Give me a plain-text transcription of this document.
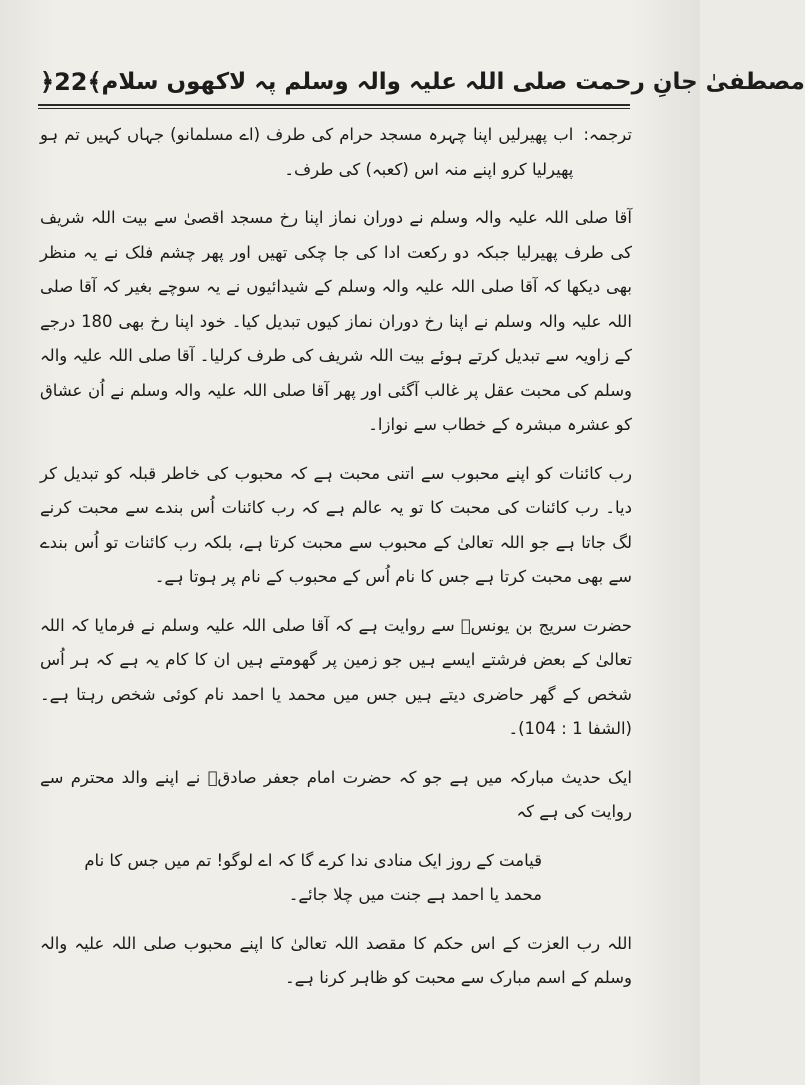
﴿22﴾ مصطفیٰ جانِ رحمت صلی اللہ علیہ والہ وسلم پہ لاکھوں سلام
ترجمہ:
اب پھیرلیں اپنا چہرہ مسجد حرام کی طرف (اے مسلمانو) جہاں کہیں تم ہو پھیرلیا کرو اپنے منہ اس (کعبہ) کی طرف۔

آقا صلی اللہ علیہ والہ وسلم نے دوران نماز اپنا رخ مسجد اقصیٰ سے بیت اللہ شریف کی طرف پھیرلیا جبکہ دو رکعت ادا کی جا چکی تھیں اور پھر چشم فلک نے یہ منظر بھی دیکھا کہ آقا صلی اللہ علیہ والہ وسلم کے شیدائیوں نے یہ سوچے بغیر کہ آقا صلی اللہ علیہ والہ وسلم نے اپنا رخ دوران نماز کیوں تبدیل کیا۔ خود اپنا رخ بھی 180 درجے کے زاویہ سے تبدیل کرتے ہوئے بیت اللہ شریف کی طرف کرلیا۔ آقا صلی اللہ علیہ والہ وسلم کی محبت عقل پر غالب آگئی اور پھر آقا صلی اللہ علیہ والہ وسلم نے اُن عشاق کو عشرہ مبشرہ کے خطاب سے نوازا۔

رب کائنات کو اپنے محبوب سے اتنی محبت ہے کہ محبوب کی خاطر قبلہ کو تبدیل کر دیا۔ رب کائنات کی محبت کا تو یہ عالم ہے کہ رب کائنات اُس بندے سے محبت کرنے لگ جاتا ہے جو اللہ تعالیٰ کے محبوب سے محبت کرتا ہے، بلکہ رب کائنات تو اُس بندے سے بھی محبت کرتا ہے جس کا نام اُس کے محبوب کے نام پر ہوتا ہے۔

حضرت سریج بن یونسؒ سے روایت ہے کہ آقا صلی اللہ علیہ وسلم نے فرمایا کہ اللہ تعالیٰ کے بعض فرشتے ایسے ہیں جو زمین پر گھومتے ہیں ان کا کام یہ ہے کہ ہر اُس شخص کے گھر حاضری دیتے ہیں جس میں محمد یا احمد نام کوئی شخص رہتا ہے۔ (الشفا 1 : 104)۔

ایک حدیث مبارکہ میں ہے جو کہ حضرت امام جعفر صادقؒ نے اپنے والد محترم سے روایت کی ہے کہ

قیامت کے روز ایک منادی ندا کرے گا کہ اے لوگو! تم میں جس کا نام محمد یا احمد ہے جنت میں چلا جائے۔

اللہ رب العزت کے اس حکم کا مقصد اللہ تعالیٰ کا اپنے محبوب صلی اللہ علیہ والہ وسلم کے اسم مبارک سے محبت کو ظاہر کرنا ہے۔
